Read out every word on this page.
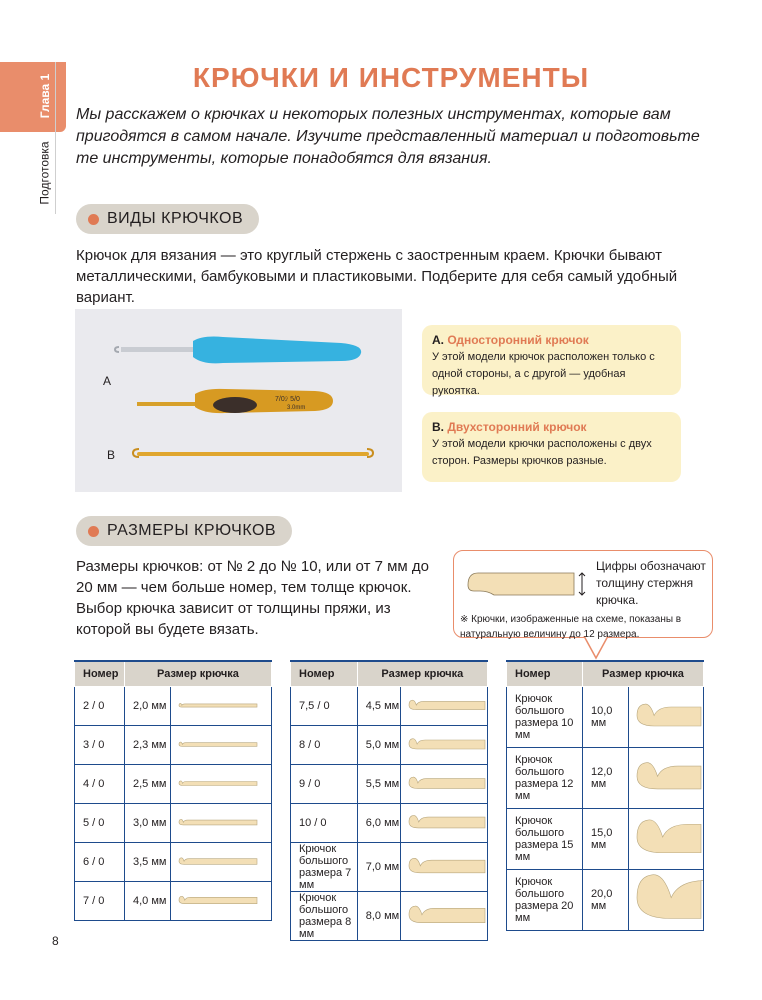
Глава 1
Подготовка
КРЮЧКИ И ИНСТРУМЕНТЫ
Мы расскажем о крючках и некоторых полезных инструментах, которые вам пригодятся в самом начале. Изучите представленный материал и подготовьте те инструменты, которые понадобятся для вязания.
ВИДЫ КРЮЧКОВ
Крючок для вязания — это круглый стержень с заостренным краем. Крючки бывают металлическими, бамбуковыми и пластиковыми. Подберите для себя самый удобный вариант.
A
7/0ｼ 5/0
3.0mm
B
A. Односторонний крючок
У этой модели крючок расположен только с одной стороны, а с другой — удобная рукоятка.
B. Двухсторонний крючок
У этой модели крючки расположены с двух сторон. Размеры крючков разные.
РАЗМЕРЫ КРЮЧКОВ
Размеры крючков: от № 2 до № 10, или от 7 мм до 20 мм — чем больше номер, тем толще крючок. Выбор крючка зависит от толщины пряжи, из которой вы будете вязать.
Цифры обозначают толщину стержня крючка.
※ Крючки, изображенные на схеме, показаны в натуральную величину до 12 размера.
Номер	Размер крючка	
2 / 0	2,0 мм	

3 / 0	2,3 мм	

4 / 0	2,5 мм	

5 / 0	3,0 мм	

6 / 0	3,5 мм	

7 / 0	4,0 мм	
Номер	Размер крючка	
7,5 / 0	4,5 мм	

8 / 0	5,0 мм	

9 / 0	5,5 мм	

10 / 0	6,0 мм	

Крючок большого размера 7 мм	7,0 мм	

Крючок большого размера 8 мм	8,0 мм	
Номер	Размер крючка	
Крючок большого размера 10 мм	10,0 мм	

Крючок большого размера 12 мм	12,0 мм	

Крючок большого размера 15 мм	15,0 мм	

Крючок большого размера 20 мм	20,0 мм	
8
